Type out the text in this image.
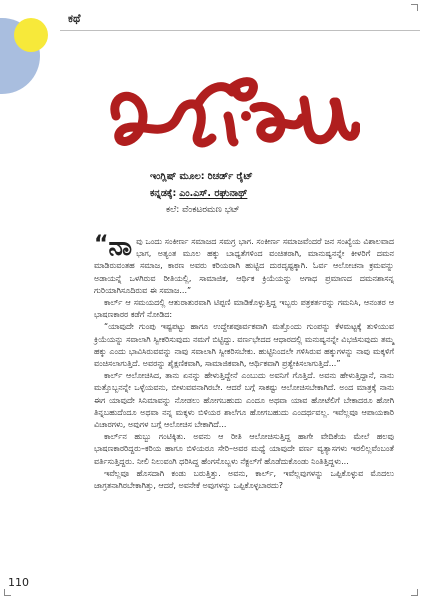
ಕಥೆ
ಚೆಂಡು
ಇಂಗ್ಲಿಷ್ ಮೂಲ: ರಿಚರ್ಡ್ ರೈಟ್
ಕನ್ನಡಕ್ಕೆ: ಎಂ.ಎಸ್. ರಘುನಾಥ್
ಕಲೆ: ವೆಂಕಟರಮಣ ಭಟ್

“ನಾ ವು ಒಂದು ಸಂಕೀರ್ಣ ಸಮಾಜದ ಸಮಗ್ರ ಭಾಗ. ಸಂಕೀರ್ಣ ಸಮಾಜವೆಂದರೆ ಜನ ಸಂಖ್ಯೆಯ ವಿಶಾಲವಾದ ಭಾಗ, ಅತ್ಯಂತ ಮೂಲ ಹಕ್ಕು ಬಾಧ್ಯತೆಗಳಿಂದ ವಂಚಿತರಾಗಿ, ಮಾನುಷ್ಯನನ್ನೇ ಕೀಳರಿಗೆ ದಮನ ಮಾಡಿರುವಂತಹ ಸಮಾಜ, ಕಾರಣ ಅವರು ಕರಿಯರಾಗಿ ಹುಟ್ಟಿದ ದುರದೃಷ್ಟಕ್ಕಾಗಿ. ಓರ್ವ ಆಲೋಚನಾ ಕ್ರಮವನ್ನು ಅಡಾಯನ್ನೆ ಒಳಗಿರುವ ರೀತಿಯಲ್ಲಿ, ಸಾಮಾಜಿಕ, ಆರ್ಥಿಕ ಕ್ರಿಯೆಯನ್ನು ಅಗಾಧ ಪ್ರಮಾಣದ ದಮನಶಾಸನ್ನ ಗುರಿಯಾಗಿಸೂದಿರುವ ಈ ಸಮಾಜ...”

ಕಾರ್ಲ್ ಆ ಸಮಯದಲ್ಲಿ ಆತುರಾತುರವಾಗಿ ಟಿಪ್ಪಣಿ ಮಾಡಿಕೊಳ್ಳುತ್ತಿದ್ದ ಇಬ್ಬರು ಪತ್ರಕರ್ತರನ್ನು ಗಮನಿಸಿ, ಆನಂತರ ಆ ಭಾಷಣಕಾರರ ಕಡೆಗೆ ನೋಡಿದ:

“ಯಾವುದೇ ಗುಂಪು ಇಷ್ಟಪಟ್ಟು ಹಾಗೂ ಉದ್ದೇಶಪೂರ್ವಕವಾಗಿ ಮತ್ತೊಂದು ಗುಂಪನ್ನು ಕೆಳಮಟ್ಟಕ್ಕೆ ತುಳಿಯುವ ಕ್ರಿಯೆಯನ್ನು ಸವಾಲಾಗಿ ಸ್ವೀಕರಿಸುವುದು ನಮಗೆ ಬಿಟ್ಟಿದ್ದು. ವರ್ಣಭೇದದ ಆಧಾರದಲ್ಲಿ ಮನುಷ್ಯನನ್ನೇ ವಿಭಜಿಸುವುದು ತಮ್ಮ ಹಕ್ಕು ಎಂದು ಭಾವಿಸಿರುವವನ್ನು ನಾವು ಸವಾಲಾಗಿ ಸ್ವೀಕರಿಸಬೇಕು. ಹುಟ್ಟಿನಿಂದಲೇ ಗಳಿಸಿರುವ ಹಕ್ಕುಗಳನ್ನು ನಾವು ಮಕ್ಕಳಿಗೆ ವಂಚಿಸಲಾಗುತ್ತಿದೆ. ಅವರನ್ನು ಶೈಕ್ಷಣಿಕವಾಗಿ, ಸಾಮಾಜಿಕವಾಗಿ, ಆರ್ಥಿಕವಾಗಿ ಪ್ರತ್ಯೇಕಿಸಲಾಗುತ್ತಿದೆ...”

ಕಾರ್ಲ್ ಆಲೋಚಿಸಿದ, ತಾನು ಏನನ್ನು ಹೇಳುತ್ತಿದ್ದೇನೆ ಎಂಬುದು ಅವನಿಗೆ ಗೊತ್ತಿದೆ. ಅವನು ಹೇಳುತ್ತಿದ್ದಾನೆ, ನಾನು ಮತ್ತೊಬ್ಬನನ್ನೇ ಒಳ್ಳೆಯವನು, ಬೀಳುವವನಾಗಿರಬೇ. ಆದರೆ ಬಗ್ಗೆ ಸಾಕಷ್ಟು ಆಲೋಚಿಸಬೇಕಾಗಿದೆ. ಅಂದ ಮಾತ್ರಕ್ಕೆ ನಾನು ಈಗ ಯಾವುದೇ ಸಿನಿಮಾವನ್ನು ನೋಡಲು ಹೋಗಬಹುದು ಎಂದೂ ಅಥವಾ ಯಾವ ಹೋಟೆಲಿಗೆ ಬೇಕಾದರೂ ಹೋಗಿ ತಿನ್ನಬಹುದೆಂದೂ ಅಥವಾ ನನ್ನ ಮಕ್ಕಳು ಬಿಳಿಯರ ಶಾಲೆಗೂ ಹೋಗಬಹುದು ಎಂದರ್ಥವಲ್ಲ. ಇವೆಲ್ಲವೂ ಆಪಾಯಕಾರಿ ವಿಚಾರಗಳು, ಅವುಗಳ ಬಗ್ಗೆ ಆಲೋಚಿಸ ಬೇಕಾಗಿದೆ...

ಕಾರ್ಲ್‌ನ ಹುಬ್ಬು ಗಂಟಿಕ್ಕಿತು. ಅವನು ಆ ರೀತಿ ಆಲೋಚಿಸುತ್ತಿದ್ದ ಹಾಗೇ ವೇದಿಕೆಯ ಮೇಲೆ ಹಲವು ಭಾಷಣಕಾರರಿದ್ದರು–ಕರಿಯ ಹಾಗೂ ಬಿಳಿಯರೂ ಸೇರಿ–ಅವರ ಮಧ್ಯೆ ಯಾವುದೇ ವರ್ಣ ವ್ಯತ್ಯಾಸಗಳು ಇರಲಿಲ್ಲವೆಂಬಂತೆ ವರ್ತಿಸುತ್ತಿದ್ದರು. ನೀಲಿ ನಿಲುವಂಗಿ ಧರಿಸಿದ್ದ ಹೆಂಗಸೊಬ್ಬಳು ನೆಕ್ಟಲ್‌ಗೆ ಹೊಡೆದುಕೊಂಡು ನಿಂತಿತ್ತಿದ್ದಳು...

ಇವೆಲ್ಲವೂ ಹೊಸದಾಗಿ ಕಂಡು ಬರುತ್ತಿತ್ತು. ಅವನು, ಕಾರ್ಲ್, ಇವೆಲ್ಲವುಗಳನ್ನು ಒಪ್ಪಿಕೊಳ್ಳುವ ಮೊದಲು ಜಾಗ್ರತನಾಗಿರಬೇಕಾಗಿತ್ತು, ಆದರೆ, ಅವನೇಕೆ ಅವುಗಳನ್ನು ಒಪ್ಪಿಕೊಳ್ಳಬಾರದು?

110
